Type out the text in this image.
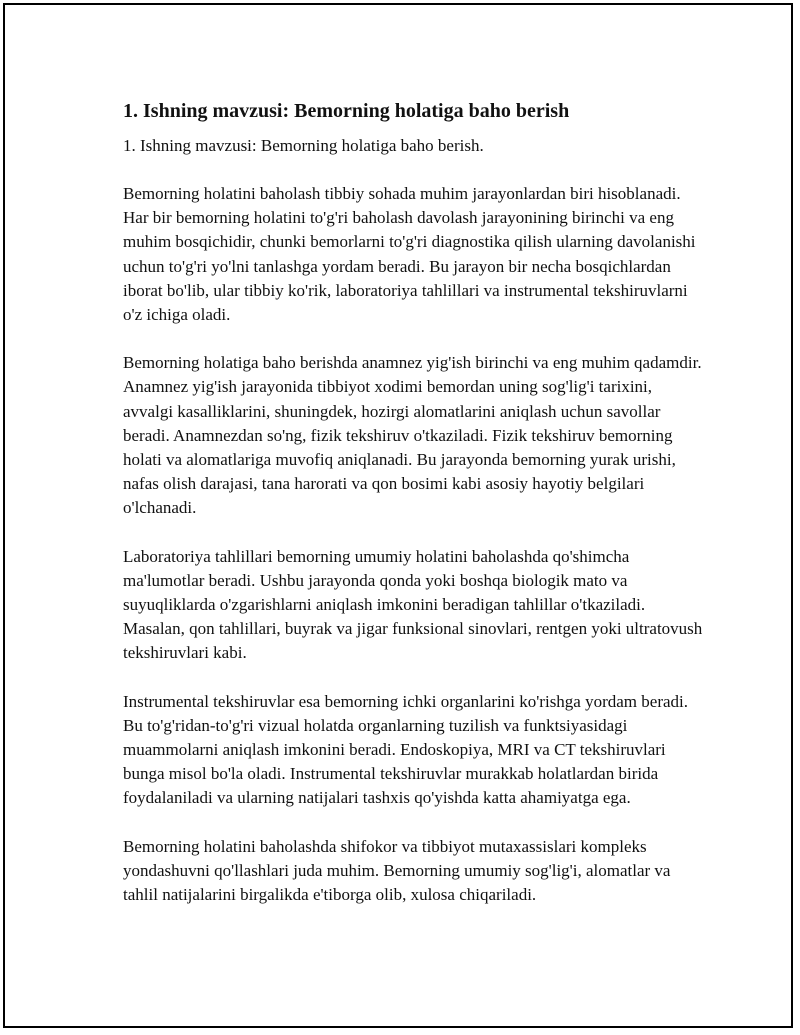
1. Ishning mavzusi: Bemorning holatiga baho berish

1. Ishning mavzusi: Bemorning holatiga baho berish.

Bemorning holatini baholash tibbiy sohada muhim jarayonlardan biri hisoblanadi. Har bir bemorning holatini to'g'ri baholash davolash jarayonining birinchi va eng muhim bosqichidir, chunki bemorlarni to'g'ri diagnostika qilish ularning davolanishi uchun to'g'ri yo'lni tanlashga yordam beradi. Bu jarayon bir necha bosqichlardan iborat bo'lib, ular tibbiy ko'rik, laboratoriya tahlillari va instrumental tekshiruvlarni o'z ichiga oladi.

Bemorning holatiga baho berishda anamnez yig'ish birinchi va eng muhim qadamdir. Anamnez yig'ish jarayonida tibbiyot xodimi bemordan uning sog'lig'i tarixini, avvalgi kasalliklarini, shuningdek, hozirgi alomatlarini aniqlash uchun savollar beradi. Anamnezdan so'ng, fizik tekshiruv o'tkaziladi. Fizik tekshiruv bemorning holati va alomatlariga muvofiq aniqlanadi. Bu jarayonda bemorning yurak urishi, nafas olish darajasi, tana harorati va qon bosimi kabi asosiy hayotiy belgilari o'lchanadi.

Laboratoriya tahlillari bemorning umumiy holatini baholashda qo'shimcha ma'lumotlar beradi. Ushbu jarayonda qonda yoki boshqa biologik mato va suyuqliklarda o'zgarishlarni aniqlash imkonini beradigan tahlillar o'tkaziladi. Masalan, qon tahlillari, buyrak va jigar funksional sinovlari, rentgen yoki ultratovush tekshiruvlari kabi.

Instrumental tekshiruvlar esa bemorning ichki organlarini ko'rishga yordam beradi. Bu to'g'ridan-to'g'ri vizual holatda organlarning tuzilish va funktsiyasidagi muammolarni aniqlash imkonini beradi. Endoskopiya, MRI va CT tekshiruvlari bunga misol bo'la oladi. Instrumental tekshiruvlar murakkab holatlardan birida foydalaniladi va ularning natijalari tashxis qo'yishda katta ahamiyatga ega.

Bemorning holatini baholashda shifokor va tibbiyot mutaxassislari kompleks yondashuvni qo'llashlari juda muhim. Bemorning umumiy sog'lig'i, alomatlar va tahlil natijalarini birgalikda e'tiborga olib, xulosa chiqariladi.
